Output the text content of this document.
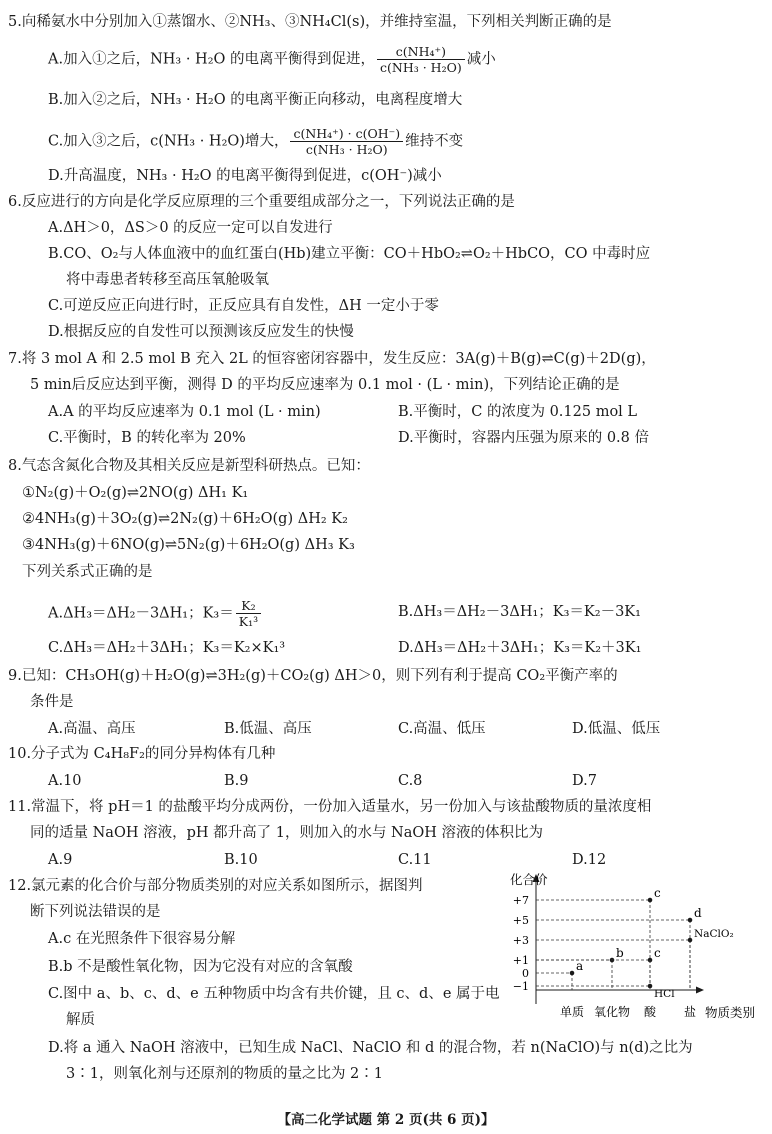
5.向稀氨水中分别加入①蒸馏水、②NH₃、③NH₄Cl(s)，并维持室温，下列相关判断正确的是
A.加入①之后，NH₃ · H₂O 的电离平衡得到促进， $\frac{\text{c(NH₄⁺)}}{\text{c(NH₃ · H₂O)}}$ 减小
B.加入②之后，NH₃ · H₂O 的电离平衡正向移动，电离程度增大
C.加入③之后，c(NH₃ · H₂O)增大， $\frac{\text{c(NH₄⁺) · c(OH⁻)}}{\text{c(NH₃ · H₂O)}}$ 维持不变
D.升高温度，NH₃ · H₂O 的电离平衡得到促进，c(OH⁻)减小
6.反应进行的方向是化学反应原理的三个重要组成部分之一，下列说法正确的是
A.ΔH＞0，ΔS＞0 的反应一定可以自发进行
B.CO、O₂与人体血液中的血红蛋白(Hb)建立平衡：CO＋HbO₂⇌O₂＋HbCO，CO 中毒时应
将中毒患者转移至高压氧舱吸氧
C.可逆反应正向进行时，正反应具有自发性，ΔH 一定小于零
D.根据反应的自发性可以预测该反应发生的快慢
7.将 3 mol A 和 2.5 mol B 充入 2L 的恒容密闭容器中，发生反应：3A(g)＋B(g)⇌C(g)＋2D(g)，
5 min后反应达到平衡，测得 D 的平均反应速率为 0.1 mol · (L · min)，下列结论正确的是
A.A 的平均反应速率为 0.1 mol (L · min)	B.平衡时，C 的浓度为 0.125 mol L
C.平衡时，B 的转化率为 20%	D.平衡时，容器内压强为原来的 0.8 倍
8.气态含氮化合物及其相关反应是新型科研热点。已知：
①N₂(g)＋O₂(g)⇌2NO(g) ΔH₁ K₁
②4NH₃(g)＋3O₂(g)⇌2N₂(g)＋6H₂O(g) ΔH₂ K₂
③4NH₃(g)＋6NO(g)⇌5N₂(g)＋6H₂O(g) ΔH₃ K₃
下列关系式正确的是
A.ΔH₃＝ΔH₂－3ΔH₁；$K_3= \frac{\text{K₂}}{\text{K₁³}}$	B.ΔH₃＝ΔH₂－3ΔH₁；K₃＝K₂－3K₁
C.ΔH₃＝ΔH₂＋3ΔH₁；K₃＝K₂×K₁³	D.ΔH₃＝ΔH₂＋3ΔH₁；K₃＝K₂＋3K₁
9.已知：CH₃OH(g)＋H₂O(g)⇌3H₂(g)＋CO₂(g) ΔH＞0，则下列有利于提高 CO₂平衡产率的
条件是
A.高温、高压	B.低温、高压	C.高温、低压	D.低温、低压
10.分子式为 C₄H₈F₂的同分异构体有几种
A.10	B.9	C.8	D.7
11.常温下，将 pH＝1 的盐酸平均分成两份，一份加入适量水，另一份加入与该盐酸物质的量浓度相
同的适量 NaOH 溶液，pH 都升高了 1，则加入的水与 NaOH 溶液的体积比为
A.9	B.10	C.11	D.12
12.氯元素的化合价与部分物质类别的对应关系如图所示，据图判
断下列说法错误的是
A.c 在光照条件下很容易分解
B.b 不是酸性氧化物，因为它没有对应的含氧酸
C.图中 a、b、c、d、e 五种物质中均含有共价键，且 c、d、e 属于电
解质
D.将 a 通入 NaOH 溶液中，已知生成 NaCl、NaClO 和 d 的混合物，若 n(NaClO)与 n(d)之比为
3∶1，则氧化剂与还原剂的物质的量之比为 2∶1
化合价
物质类别
+7
+5
+3
+1
0
−1
单质 氧化物 酸 盐
a
b	c
c
d
NaClO₂
HCl
【高二化学试题 第 2 页(共 6 页)】
